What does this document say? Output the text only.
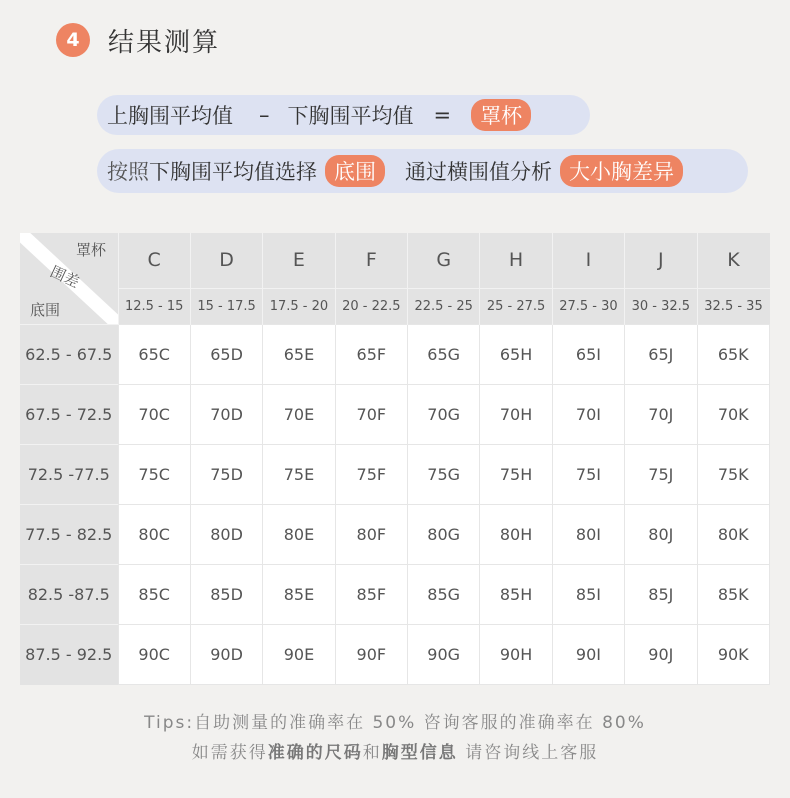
4	结果测算
上胸围平均值 – 下胸围平均值 =	罩杯
按照 下胸围平均值选择 底围	通过横围值分析 大小胸差异
罩杯
围差
底围	C	D	E	F	G	H	I	J	K
	12.5 - 15	15 - 17.5	17.5 - 20	20 - 22.5	22.5 - 25	25 - 27.5	27.5 - 30	30 - 32.5	32.5 - 35
62.5 - 67.5	65C	65D	65E	65F	65G	65H	65I	65J	65K
67.5 - 72.5	70C	70D	70E	70F	70G	70H	70I	70J	70K
72.5 -77.5	75C	75D	75E	75F	75G	75H	75I	75J	75K
77.5 - 82.5	80C	80D	80E	80F	80G	80H	80I	80J	80K
82.5 -87.5	85C	85D	85E	85F	85G	85H	85I	85J	85K
87.5 - 92.5	90C	90D	90E	90F	90G	90H	90I	90J	90K
Tips:自助测量的准确率在 50% 咨询客服的准确率在 80%
如需获得准确的尺码和胸型信息 请咨询线上客服
